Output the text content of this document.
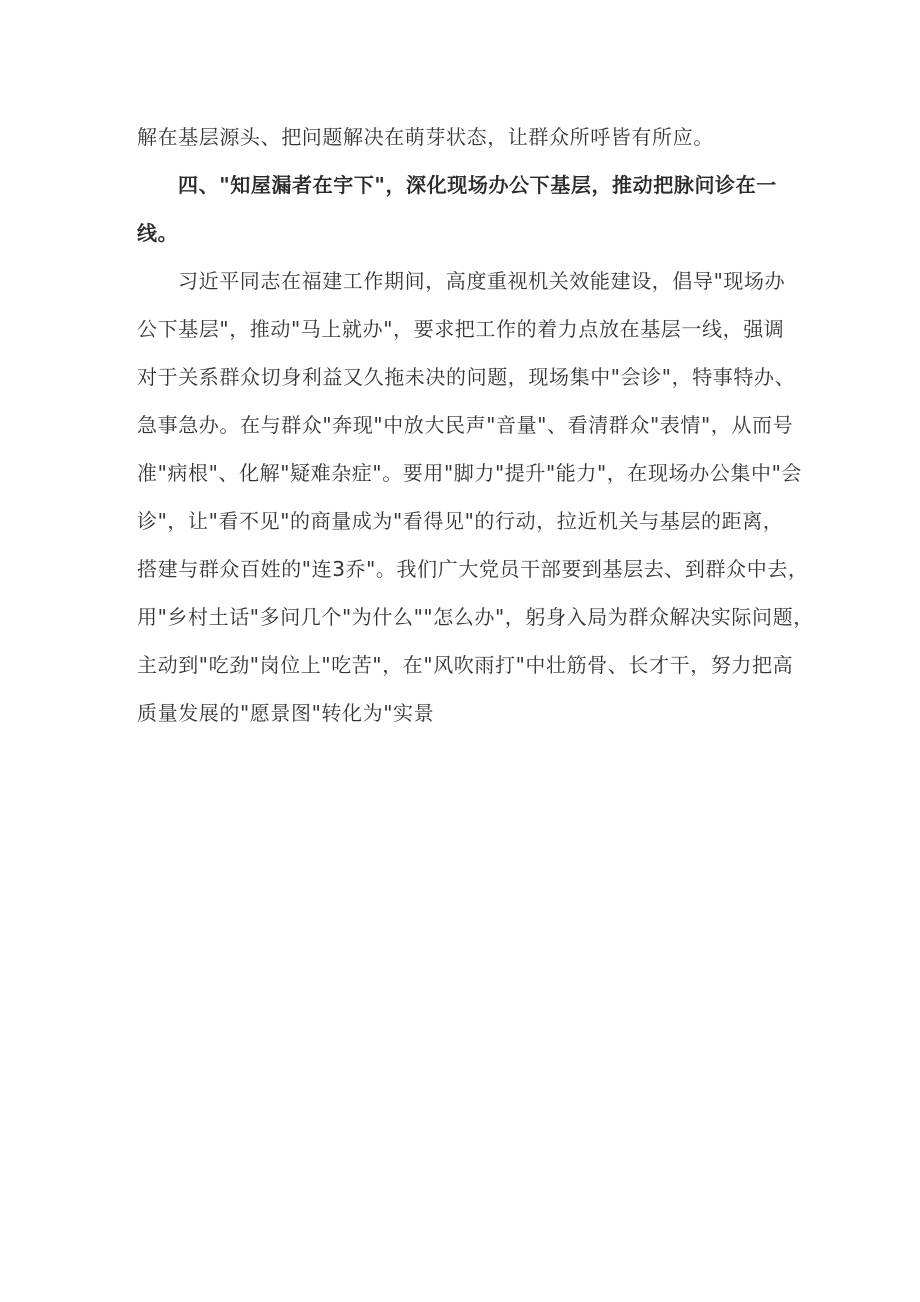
解在基层源头、把问题解决在萌芽状态，让群众所呼皆有所应。
四、"知屋漏者在宇下"，深化现场办公下基层，推动把脉问诊在一
线。
习近平同志在福建工作期间，高度重视机关效能建设，倡导"现场办
公下基层"，推动"马上就办"，要求把工作的着力点放在基层一线，强调
对于关系群众切身利益又久拖未决的问题，现场集中"会诊"，特事特办、
急事急办。在与群众"奔现"中放大民声"音量"、看清群众"表情"，从而号
准"病根"、化解"疑难杂症"。要用"脚力"提升"能力"，在现场办公集中"会
诊"，让"看不见"的商量成为"看得见"的行动，拉近机关与基层的距离，
搭建与群众百姓的"连3乔"。我们广大党员干部要到基层去、到群众中去，
用"乡村土话"多问几个"为什么""怎么办"，躬身入局为群众解决实际问题，
主动到"吃劲"岗位上"吃苦"，在"风吹雨打"中壮筋骨、长才干，努力把高
质量发展的"愿景图"转化为"实景
